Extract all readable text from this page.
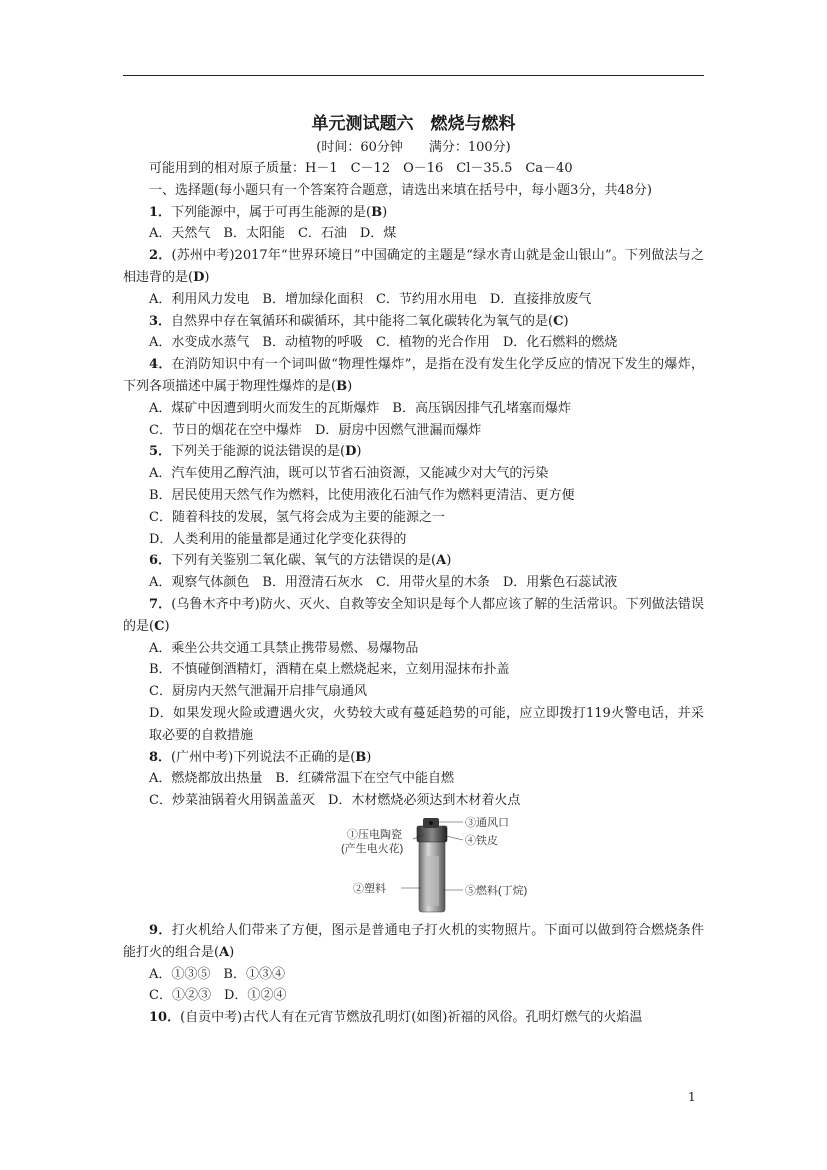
单元测试题六　燃烧与燃料
(时间：60分钟　　满分：100分)
可能用到的相对原子质量：H－1　C－12　O－16　Cl－35.5　Ca－40
一、选择题(每小题只有一个答案符合题意，请选出来填在括号中，每小题3分，共48分)
1．下列能源中，属于可再生能源的是(B)
A．天然气　B．太阳能　C．石油　D．煤
2．(苏州中考)2017年“世界环境日”中国确定的主题是“绿水青山就是金山银山”。下列做法与之相违背的是(D)
A．利用风力发电　B．增加绿化面积　C．节约用水用电　D．直接排放废气
3．自然界中存在氧循环和碳循环，其中能将二氧化碳转化为氧气的是(C)
A．水变成水蒸气　B．动植物的呼吸　C．植物的光合作用　D．化石燃料的燃烧
4．在消防知识中有一个词叫做“物理性爆炸”，是指在没有发生化学反应的情况下发生的爆炸，下列各项描述中属于物理性爆炸的是(B)
A．煤矿中因遭到明火而发生的瓦斯爆炸　B．高压锅因排气孔堵塞而爆炸
C．节日的烟花在空中爆炸　D．厨房中因燃气泄漏而爆炸
5．下列关于能源的说法错误的是(D)
A．汽车使用乙醇汽油，既可以节省石油资源，又能减少对大气的污染
B．居民使用天然气作为燃料，比使用液化石油气作为燃料更清洁、更方便
C．随着科技的发展，氢气将会成为主要的能源之一
D．人类利用的能量都是通过化学变化获得的
6．下列有关鉴别二氧化碳、氧气的方法错误的是(A)
A．观察气体颜色　B．用澄清石灰水　C．用带火星的木条　D．用紫色石蕊试液
7．(乌鲁木齐中考)防火、灭火、自救等安全知识是每个人都应该了解的生活常识。下列做法错误的是(C)
A．乘坐公共交通工具禁止携带易燃、易爆物品
B．不慎碰倒酒精灯，酒精在桌上燃烧起来，立刻用湿抹布扑盖
C．厨房内天然气泄漏开启排气扇通风
D．如果发现火险或遭遇火灾，火势较大或有蔓延趋势的可能，应立即拨打119火警电话，并采取必要的自救措施
8．(广州中考)下列说法不正确的是(B)
A．燃烧都放出热量　B．红磷常温下在空气中能自燃
C．炒菜油锅着火用锅盖盖灭　D．木材燃烧必须达到木材着火点
①压电陶瓷
(产生电火花)
②塑料
③通风口
④铁皮
⑤燃料(丁烷)
9．打火机给人们带来了方便，图示是普通电子打火机的实物照片。下面可以做到符合燃烧条件能打火的组合是(A)
A．①③⑤　B．①③④
C．①②③　D．①②④
10．(自贡中考)古代人有在元宵节燃放孔明灯(如图)祈福的风俗。孔明灯燃气的火焰温
1
